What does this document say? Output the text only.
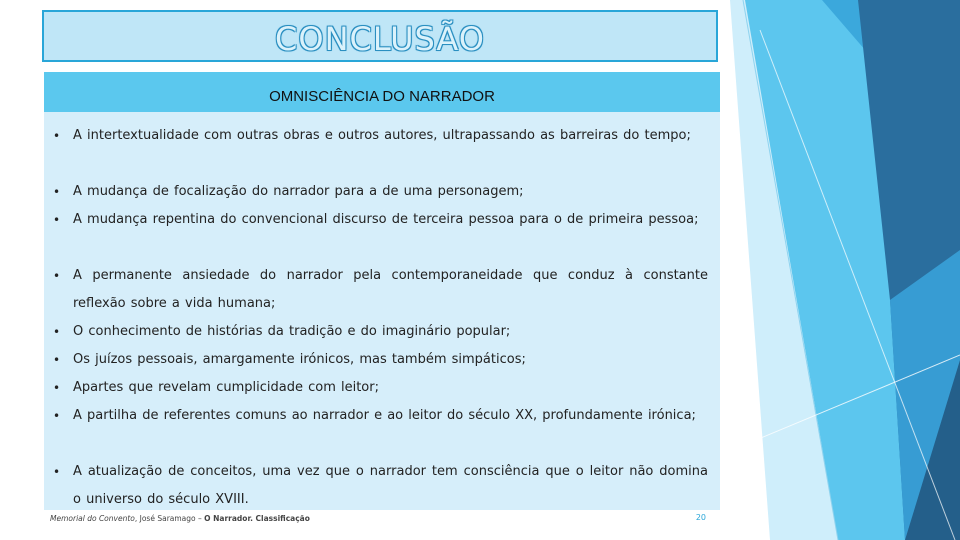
CONCLUSÃO
OMNISCIÊNCIA DO NARRADOR
• A intertextualidade com outras obras e outros autores, ultrapassando as barreiras do tempo;
• A mudança de focalização do narrador para a de uma personagem;
• A mudança repentina do convencional discurso de terceira pessoa para o de primeira pessoa;
• A permanente ansiedade do narrador pela contemporaneidade que conduz à constante reflexão sobre a vida humana;
• O conhecimento de histórias da tradição e do imaginário popular;
• Os juízos pessoais, amargamente irónicos, mas também simpáticos;
• Apartes que revelam cumplicidade com leitor;
• A partilha de referentes comuns ao narrador e ao leitor do século XX, profundamente irónica;
• A atualização de conceitos, uma vez que o narrador tem consciência que o leitor não domina o universo do século XVIII.
Memorial do Convento, José Saramago – O Narrador. Classificação	20
